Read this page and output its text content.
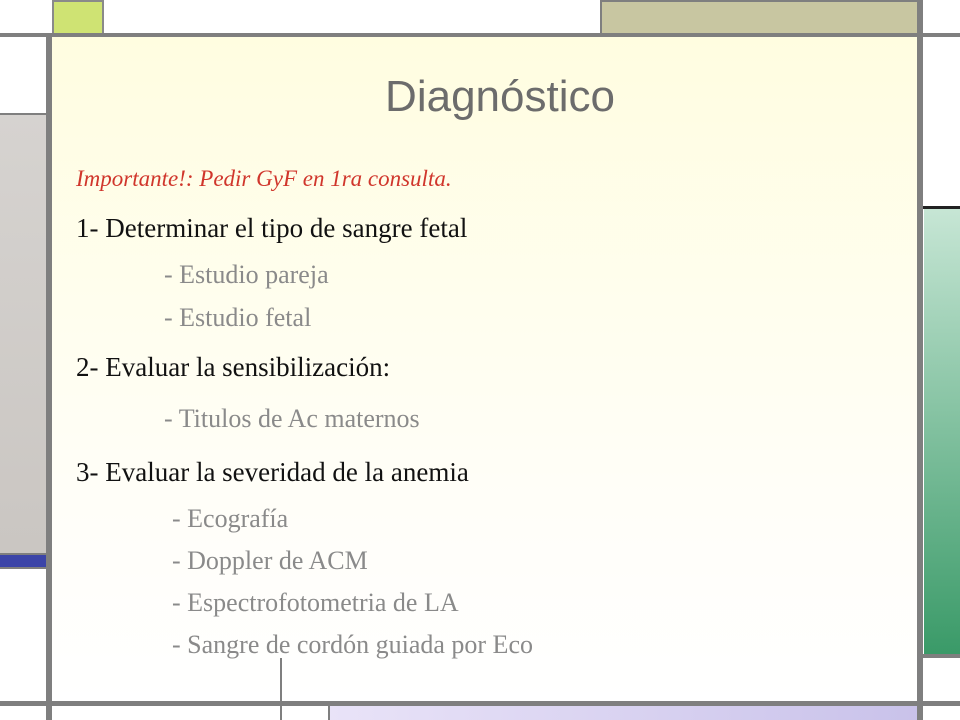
Diagnóstico
Importante!: Pedir GyF en 1ra consulta.
1- Determinar el tipo de sangre fetal
- Estudio pareja
- Estudio fetal
2- Evaluar la sensibilización:
- Titulos de Ac maternos
3- Evaluar la severidad de la anemia
- Ecografía
- Doppler de ACM
- Espectrofotometria de LA
- Sangre de cordón guiada por Eco
